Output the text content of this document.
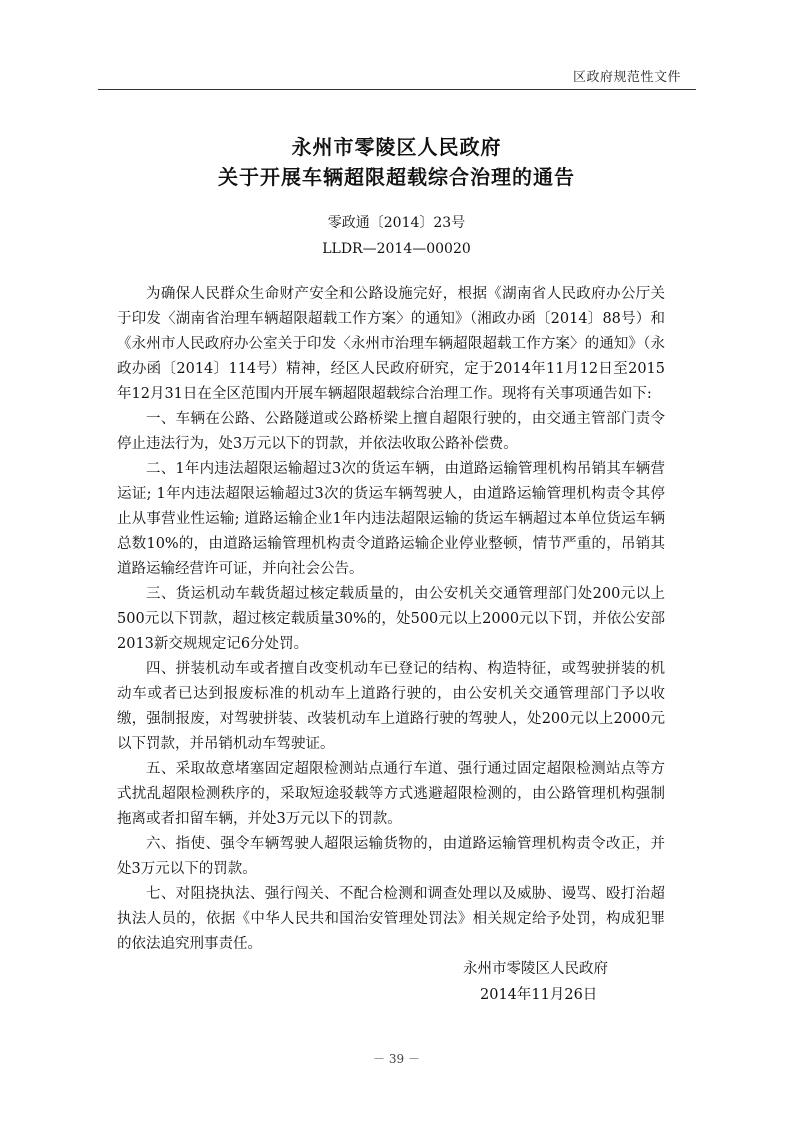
区政府规范性文件
永州市零陵区人民政府
关于开展车辆超限超载综合治理的通告
零政通〔2014〕23号
LLDR—2014—00020

为确保人民群众生命财产安全和公路设施完好，根据《湖南省人民政府办公厅关于印发〈湖南省治理车辆超限超载工作方案〉的通知》（湘政办函〔2014〕88号）和《永州市人民政府办公室关于印发〈永州市治理车辆超限超载工作方案〉的通知》（永政办函〔2014〕114号）精神，经区人民政府研究，定于2014年11月12日至2015年12月31日在全区范围内开展车辆超限超载综合治理工作。现将有关事项通告如下:

一、车辆在公路、公路隧道或公路桥梁上擅自超限行驶的，由交通主管部门责令停止违法行为，处3万元以下的罚款，并依法收取公路补偿费。

二、1年内违法超限运输超过3次的货运车辆，由道路运输管理机构吊销其车辆营运证; 1年内违法超限运输超过3次的货运车辆驾驶人，由道路运输管理机构责令其停止从事营业性运输; 道路运输企业1年内违法超限运输的货运车辆超过本单位货运车辆总数10%的，由道路运输管理机构责令道路运输企业停业整顿，情节严重的，吊销其道路运输经营许可证，并向社会公告。

三、货运机动车载货超过核定载质量的，由公安机关交通管理部门处200元以上500元以下罚款，超过核定载质量30%的，处500元以上2000元以下罚，并依公安部2013新交规规定记6分处罚。

四、拼装机动车或者擅自改变机动车已登记的结构、构造特征，或驾驶拼装的机动车或者已达到报废标准的机动车上道路行驶的，由公安机关交通管理部门予以收缴，强制报废，对驾驶拼装、改装机动车上道路行驶的驾驶人，处200元以上2000元以下罚款，并吊销机动车驾驶证。

五、采取故意堵塞固定超限检测站点通行车道、强行通过固定超限检测站点等方式扰乱超限检测秩序的，采取短途驳载等方式逃避超限检测的，由公路管理机构强制拖离或者扣留车辆，并处3万元以下的罚款。

六、指使、强令车辆驾驶人超限运输货物的，由道路运输管理机构责令改正，并处3万元以下的罚款。

七、对阻挠执法、强行闯关、不配合检测和调查处理以及威胁、谩骂、殴打治超执法人员的，依据《中华人民共和国治安管理处罚法》相关规定给予处罚，构成犯罪的依法追究刑事责任。

永州市零陵区人民政府
2014年11月26日
－ 39 －
